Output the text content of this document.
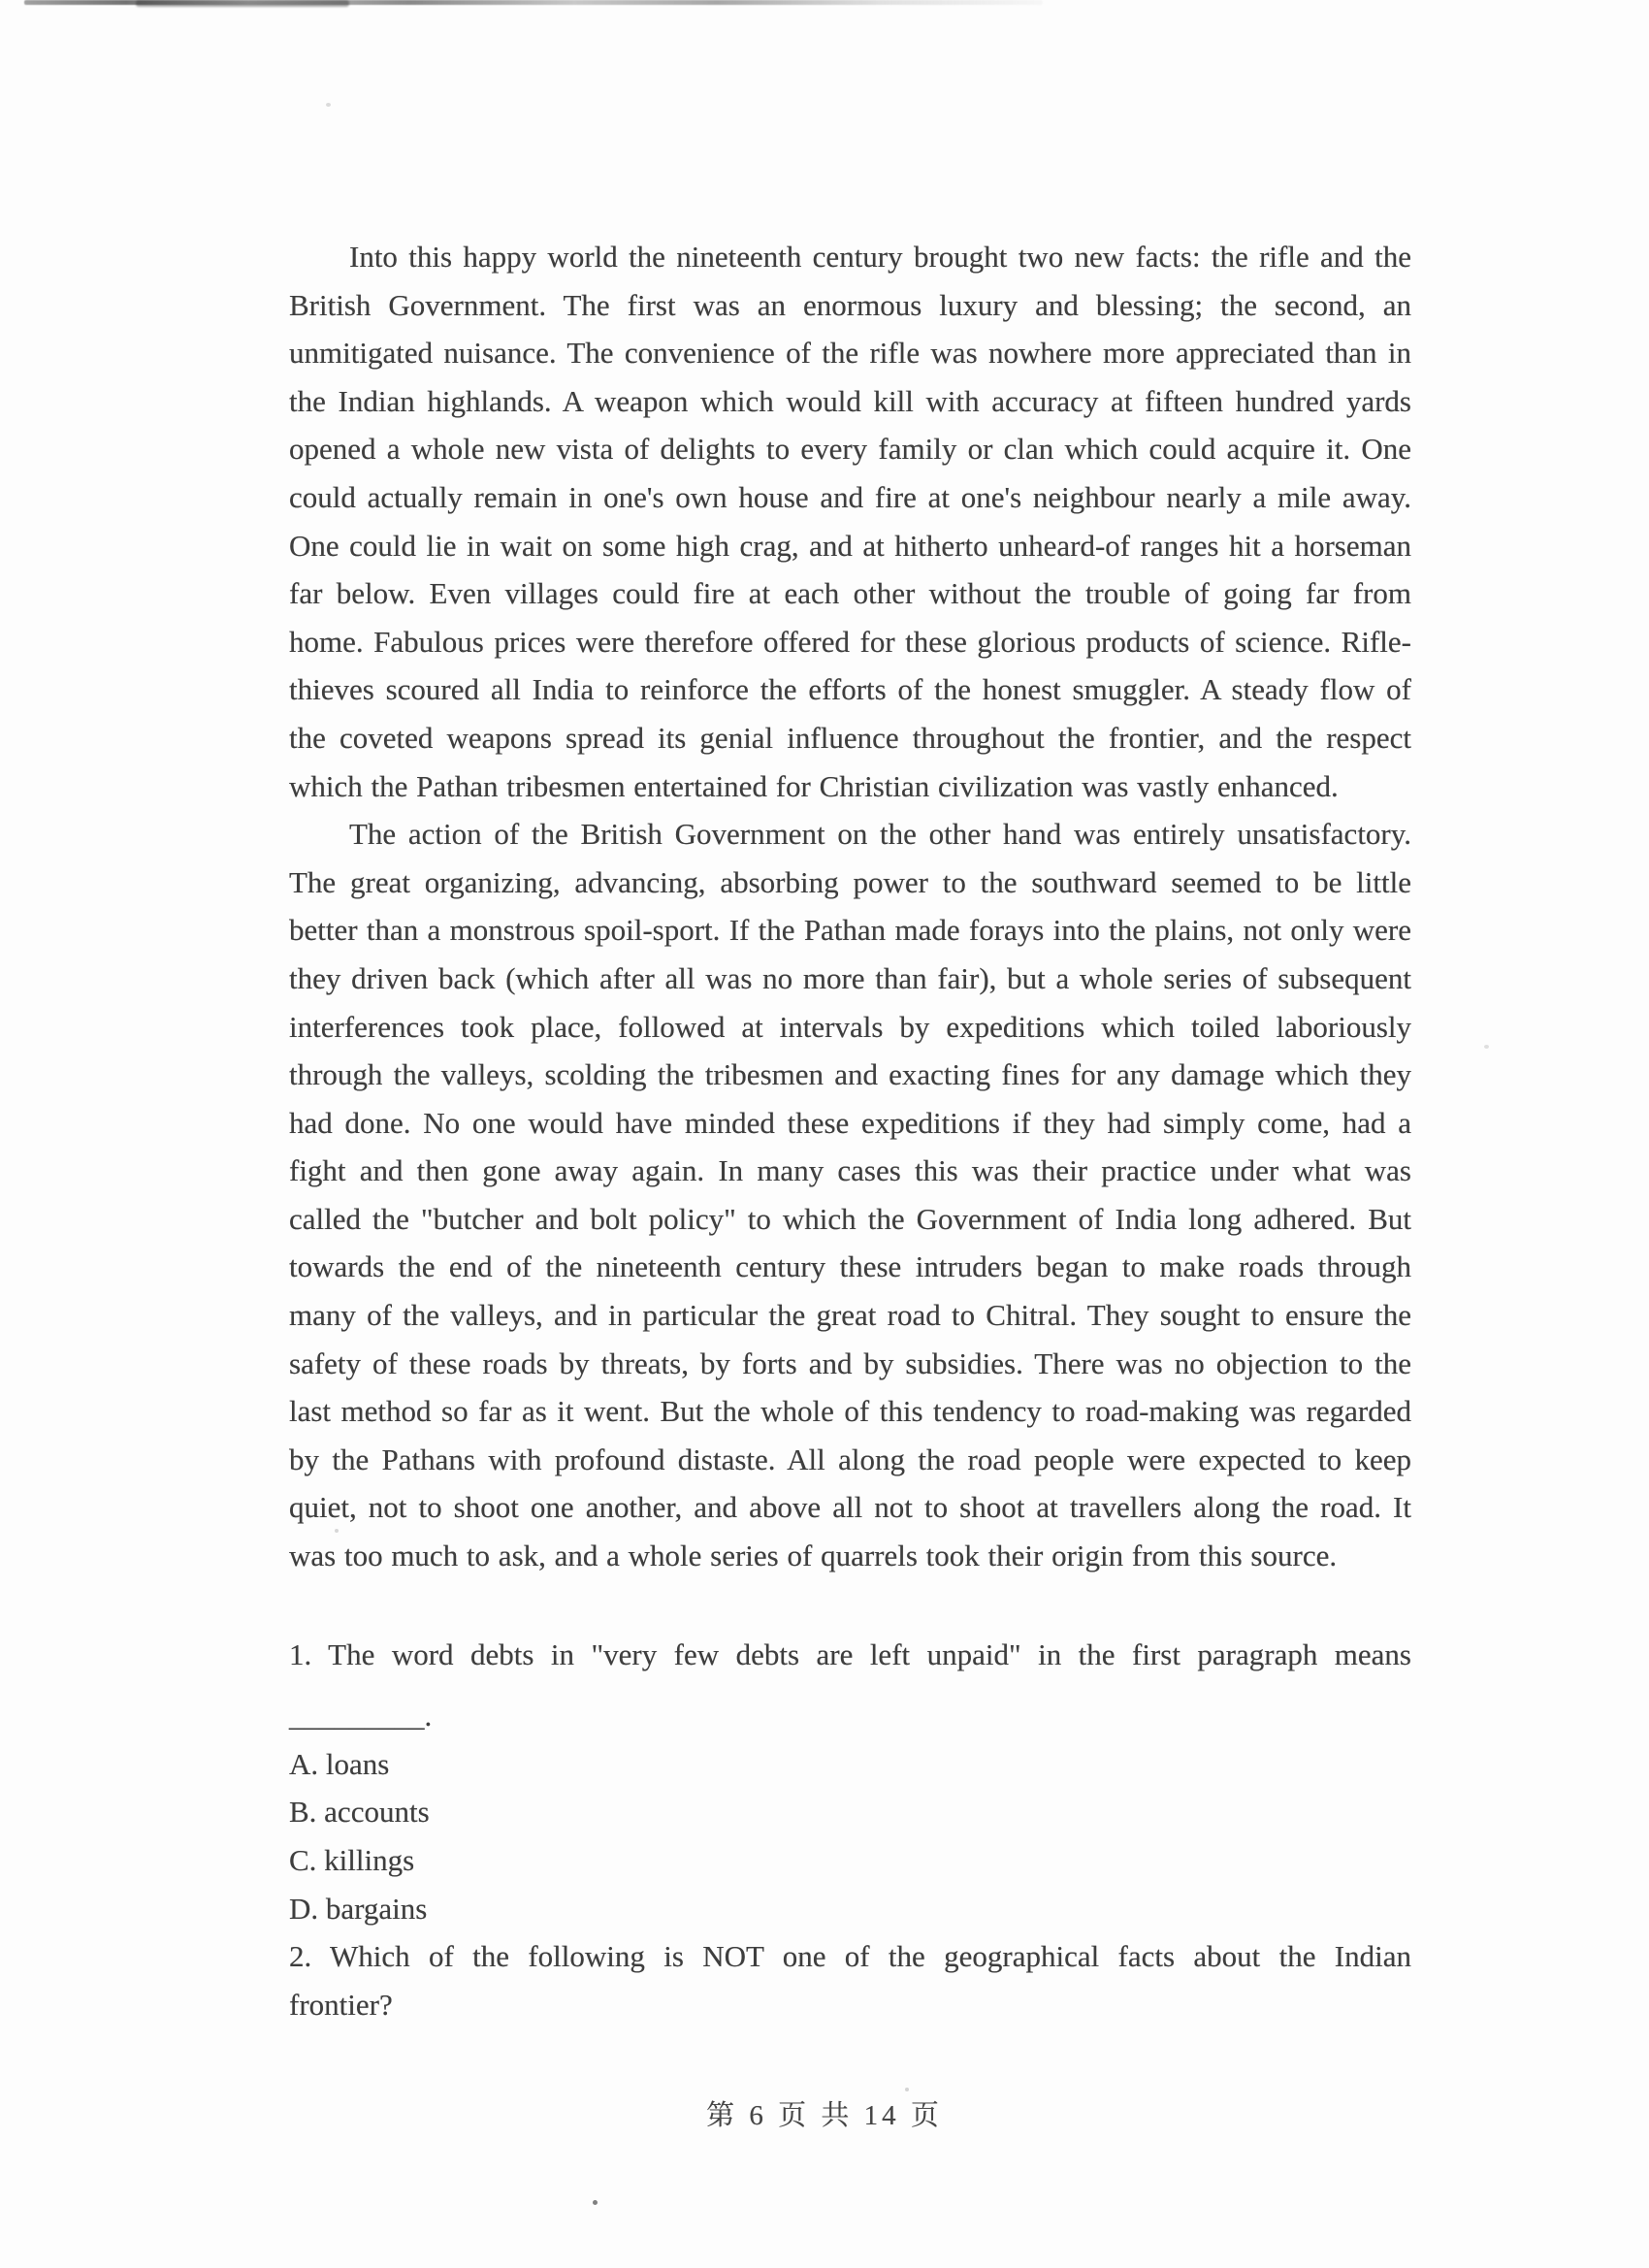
Into this happy world the nineteenth century brought two new facts: the rifle and the British Government. The first was an enormous luxury and blessing; the second, an unmitigated nuisance. The convenience of the rifle was nowhere more appreciated than in the Indian highlands. A weapon which would kill with accuracy at fifteen hundred yards opened a whole new vista of delights to every family or clan which could acquire it. One could actually remain in one's own house and fire at one's neighbour nearly a mile away. One could lie in wait on some high crag, and at hitherto unheard-of ranges hit a horseman far below. Even villages could fire at each other without the trouble of going far from home. Fabulous prices were therefore offered for these glorious products of science. Rifle-thieves scoured all India to reinforce the efforts of the honest smuggler. A steady flow of the coveted weapons spread its genial influence throughout the frontier, and the respect which the Pathan tribesmen entertained for Christian civilization was vastly enhanced.

The action of the British Government on the other hand was entirely unsatisfactory. The great organizing, advancing, absorbing power to the southward seemed to be little better than a monstrous spoil-sport. If the Pathan made forays into the plains, not only were they driven back (which after all was no more than fair), but a whole series of subsequent interferences took place, followed at intervals by expeditions which toiled laboriously through the valleys, scolding the tribesmen and exacting fines for any damage which they had done. No one would have minded these expeditions if they had simply come, had a fight and then gone away again. In many cases this was their practice under what was called the "butcher and bolt policy" to which the Government of India long adhered. But towards the end of the nineteenth century these intruders began to make roads through many of the valleys, and in particular the great road to Chitral. They sought to ensure the safety of these roads by threats, by forts and by subsidies. There was no objection to the last method so far as it went. But the whole of this tendency to road-making was regarded by the Pathans with profound distaste. All along the road people were expected to keep quiet, not to shoot one another, and above all not to shoot at travellers along the road. It was too much to ask, and a whole series of quarrels took their origin from this source.

1. The word debts in "very few debts are left unpaid" in the first paragraph means

_________.

A. loans

B. accounts

C. killings

D. bargains

2. Which of the following is NOT one of the geographical facts about the Indian

frontier?

第 6 页 共 14 页
